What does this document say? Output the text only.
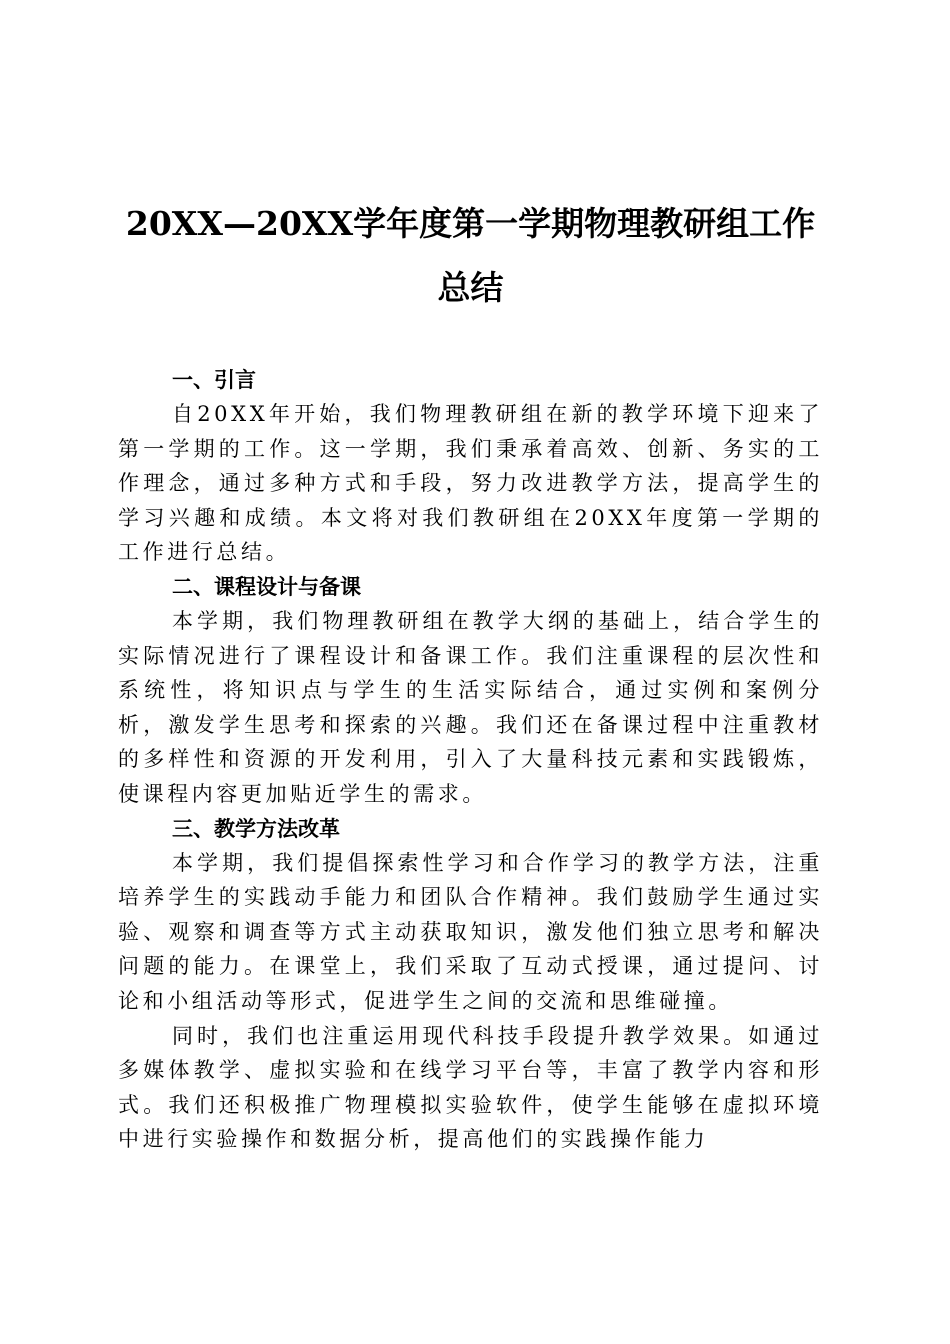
20XX—20XX学年度第一学期物理教研组工作
总结

一、引言

自20XX年开始，我们物理教研组在新的教学环境下迎来了第一学期的工作。这一学期，我们秉承着高效、创新、务实的工作理念，通过多种方式和手段，努力改进教学方法，提高学生的学习兴趣和成绩。本文将对我们教研组在20XX年度第一学期的工作进行总结。

二、课程设计与备课

本学期，我们物理教研组在教学大纲的基础上，结合学生的实际情况进行了课程设计和备课工作。我们注重课程的层次性和系统性，将知识点与学生的生活实际结合，通过实例和案例分析，激发学生思考和探索的兴趣。我们还在备课过程中注重教材的多样性和资源的开发利用，引入了大量科技元素和实践锻炼，使课程内容更加贴近学生的需求。

三、教学方法改革

本学期，我们提倡探索性学习和合作学习的教学方法，注重培养学生的实践动手能力和团队合作精神。我们鼓励学生通过实验、观察和调查等方式主动获取知识，激发他们独立思考和解决问题的能力。在课堂上，我们采取了互动式授课，通过提问、讨论和小组活动等形式，促进学生之间的交流和思维碰撞。

同时，我们也注重运用现代科技手段提升教学效果。如通过多媒体教学、虚拟实验和在线学习平台等，丰富了教学内容和形式。我们还积极推广物理模拟实验软件，使学生能够在虚拟环境中进行实验操作和数据分析，提高他们的实践操作能力
